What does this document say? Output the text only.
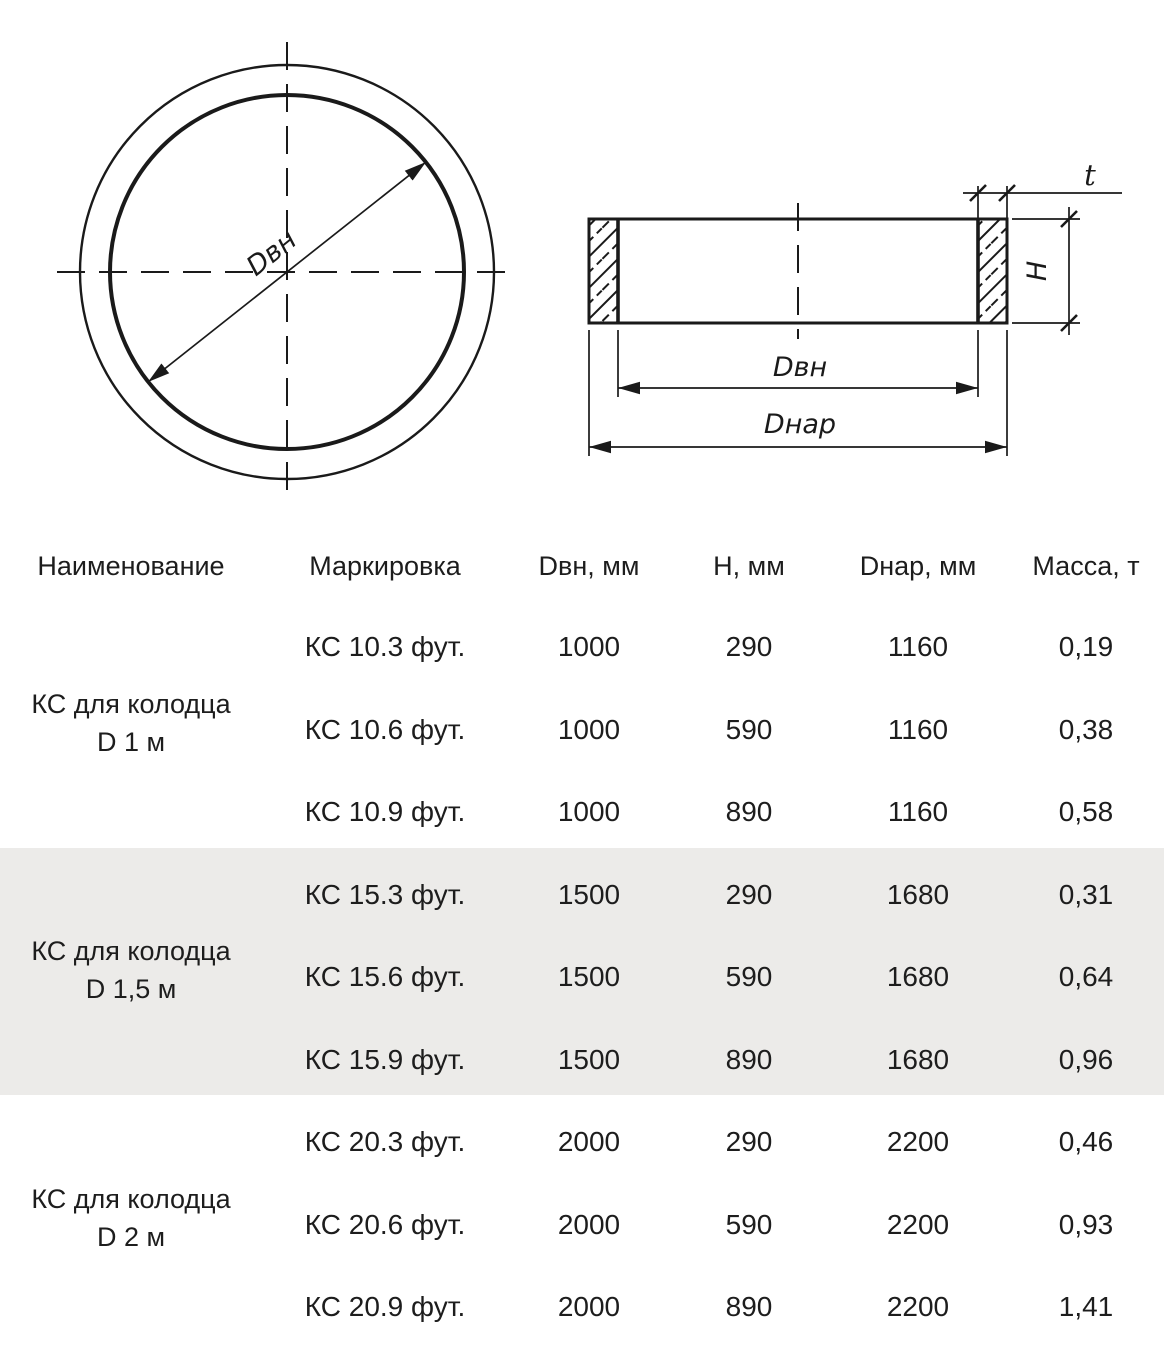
Dвн
Dвн
Dнар
t
H
Наименование	Маркировка	Dвн, мм	H, мм	Dнар, мм	Масса, т

КС для колодца
D 1 м	КС 10.3 фут.	1000	290	1160	0,19
	КС 10.6 фут.	1000	590	1160	0,38
	КС 10.9 фут.	1000	890	1160	0,58

КС для колодца
D 1,5 м	КС 15.3 фут.	1500	290	1680	0,31
	КС 15.6 фут.	1500	590	1680	0,64
	КС 15.9 фут.	1500	890	1680	0,96

КС для колодца
D 2 м	КС 20.3 фут.	2000	290	2200	0,46
	КС 20.6 фут.	2000	590	2200	0,93
	КС 20.9 фут.	2000	890	2200	1,41
